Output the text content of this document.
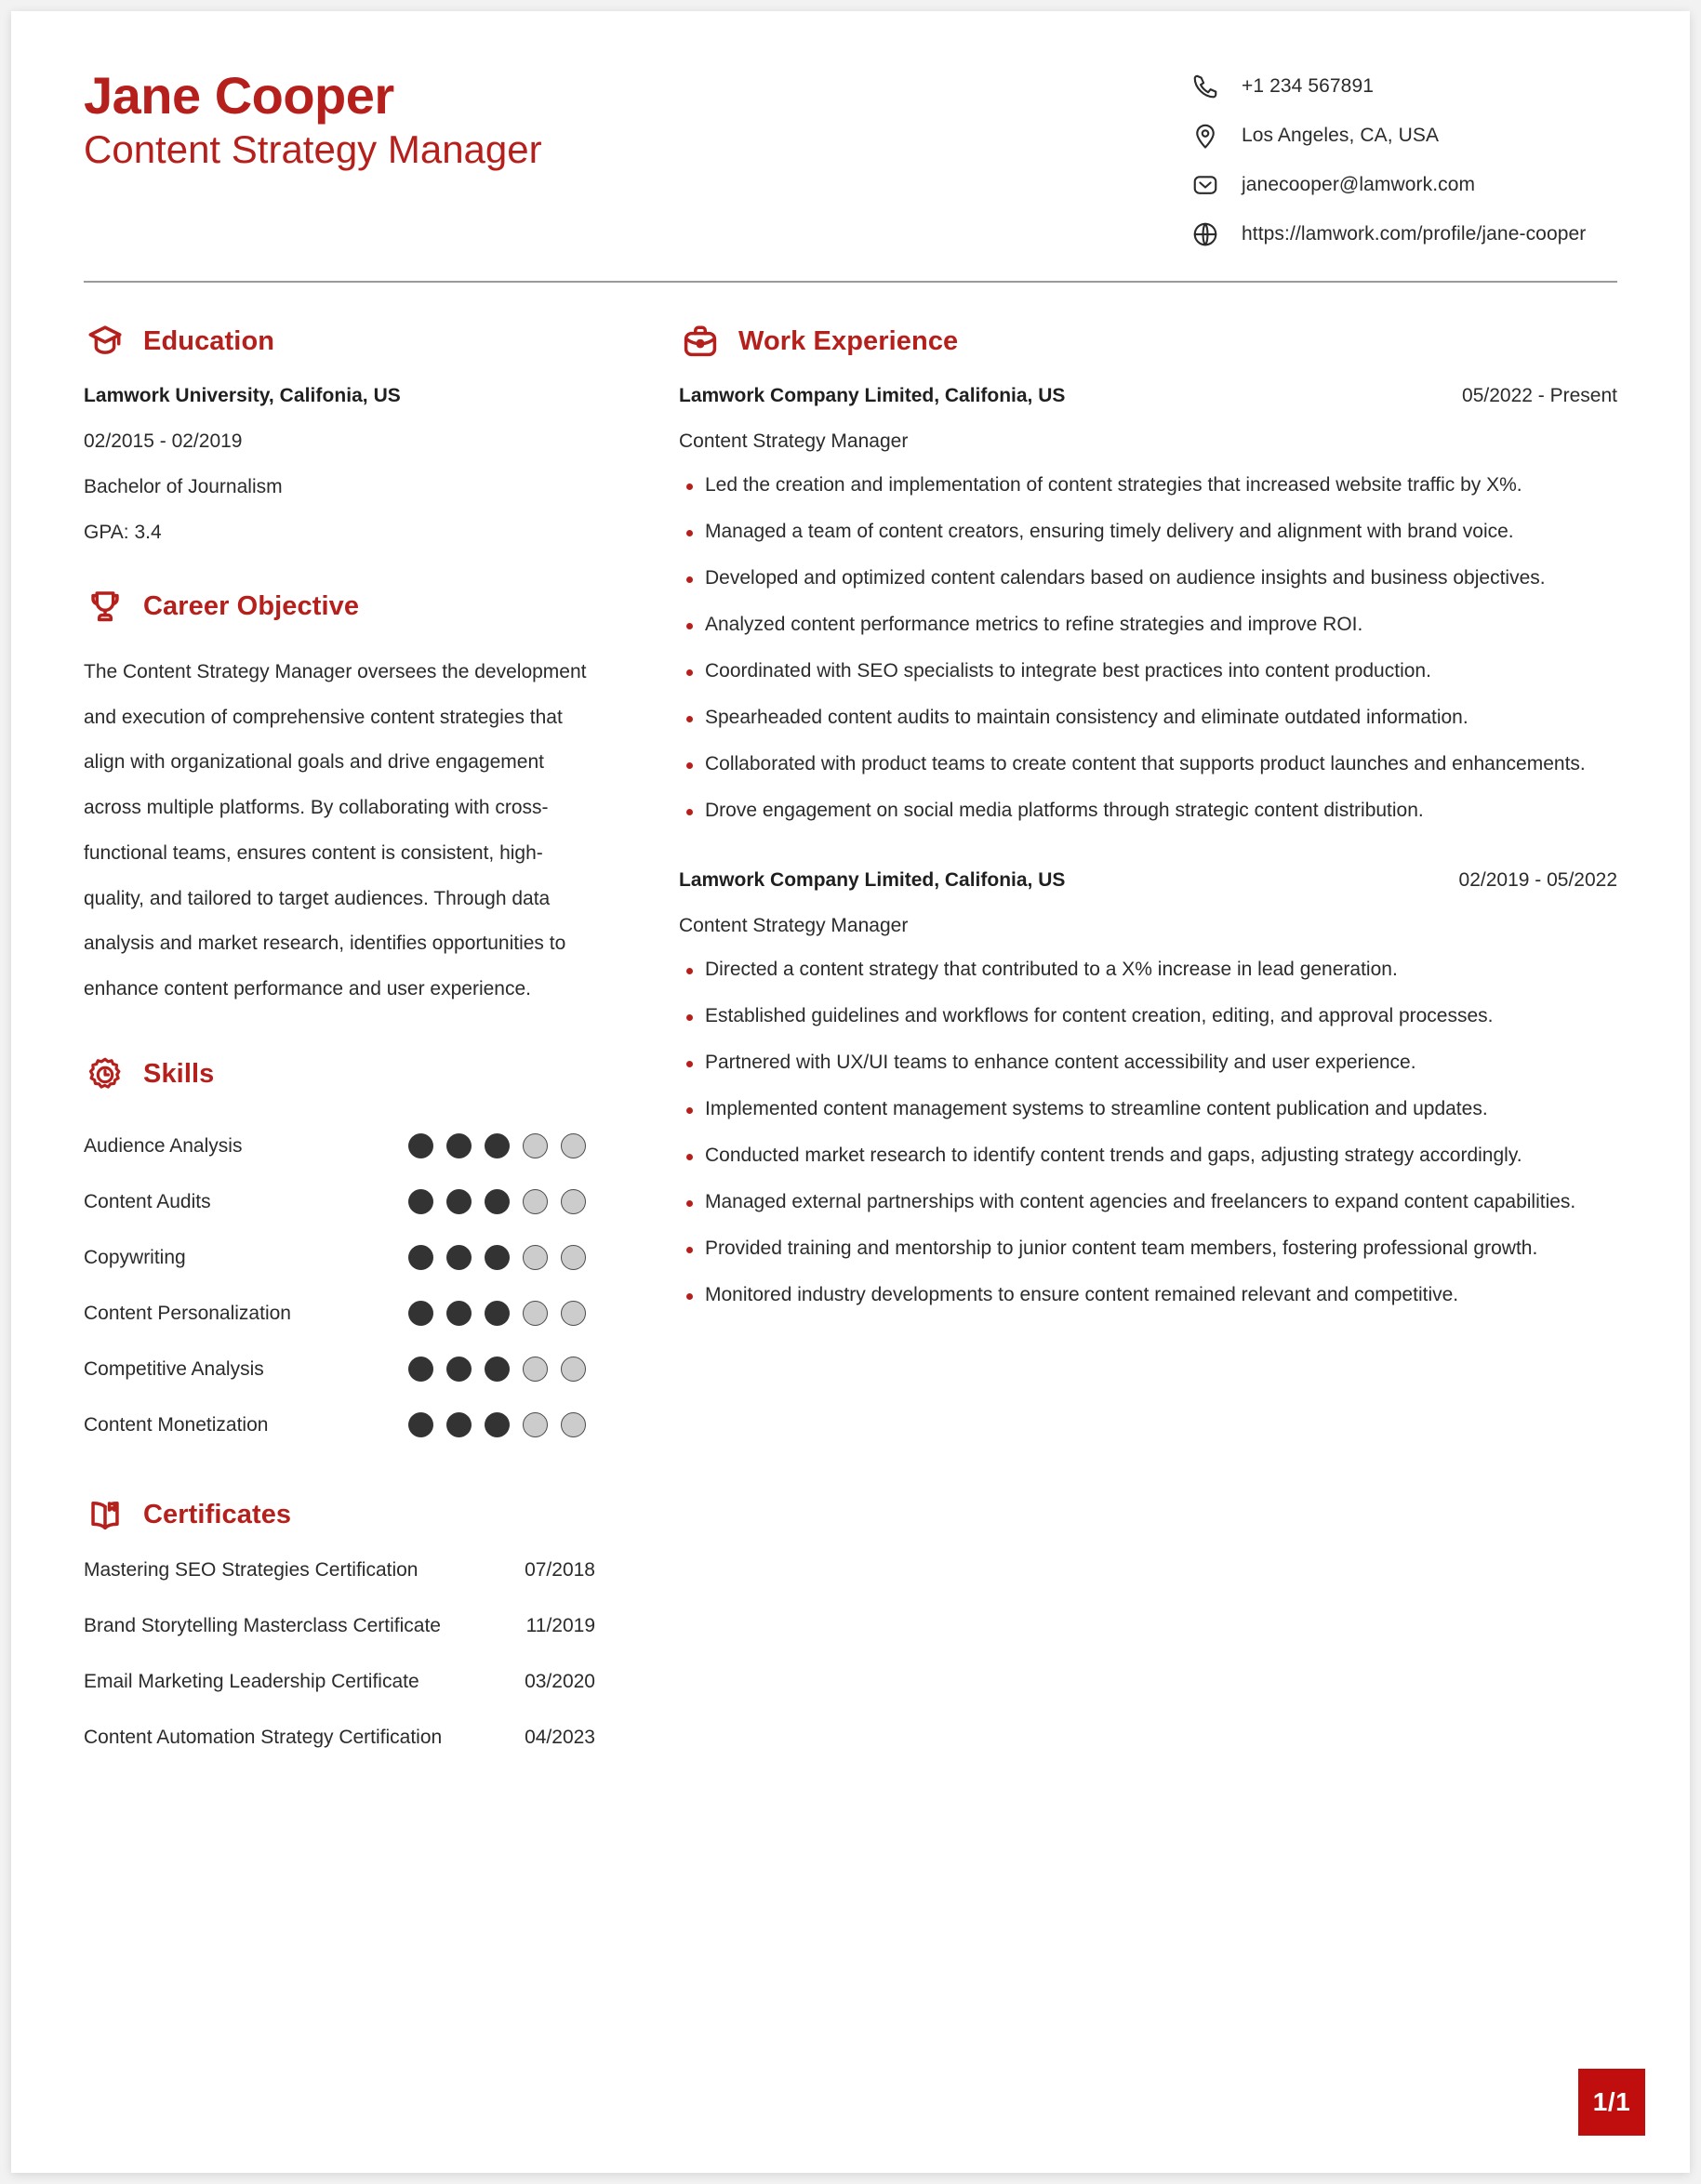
Jane Cooper
Content Strategy Manager
+1 234 567891
Los Angeles, CA, USA
janecooper@lamwork.com
https://lamwork.com/profile/jane-cooper
Education
Lamwork University, Califonia, US
02/2015 - 02/2019
Bachelor of Journalism
GPA: 3.4
Career Objective

The Content Strategy Manager oversees the development and execution of comprehensive content strategies that align with organizational goals and drive engagement across multiple platforms. By collaborating with cross-functional teams, ensures content is consistent, high-quality, and tailored to target audiences. Through data analysis and market research, identifies opportunities to enhance content performance and user experience.

Skills
Audience Analysis
Content Audits
Copywriting
Content Personalization
Competitive Analysis
Content Monetization
Certificates
Mastering SEO Strategies Certification	07/2018
Brand Storytelling Masterclass Certificate	11/2019
Email Marketing Leadership Certificate	03/2020
Content Automation Strategy Certification	04/2023
Work Experience
Lamwork Company Limited, Califonia, US	05/2022 - Present
Content Strategy Manager
Led the creation and implementation of content strategies that increased website traffic by X%.
Managed a team of content creators, ensuring timely delivery and alignment with brand voice.
Developed and optimized content calendars based on audience insights and business objectives.
Analyzed content performance metrics to refine strategies and improve ROI.
Coordinated with SEO specialists to integrate best practices into content production.
Spearheaded content audits to maintain consistency and eliminate outdated information.
Collaborated with product teams to create content that supports product launches and enhancements.
Drove engagement on social media platforms through strategic content distribution.
Lamwork Company Limited, Califonia, US	02/2019 - 05/2022
Content Strategy Manager
Directed a content strategy that contributed to a X% increase in lead generation.
Established guidelines and workflows for content creation, editing, and approval processes.
Partnered with UX/UI teams to enhance content accessibility and user experience.
Implemented content management systems to streamline content publication and updates.
Conducted market research to identify content trends and gaps, adjusting strategy accordingly.
Managed external partnerships with content agencies and freelancers to expand content capabilities.
Provided training and mentorship to junior content team members, fostering professional growth.
Monitored industry developments to ensure content remained relevant and competitive.
1/1
